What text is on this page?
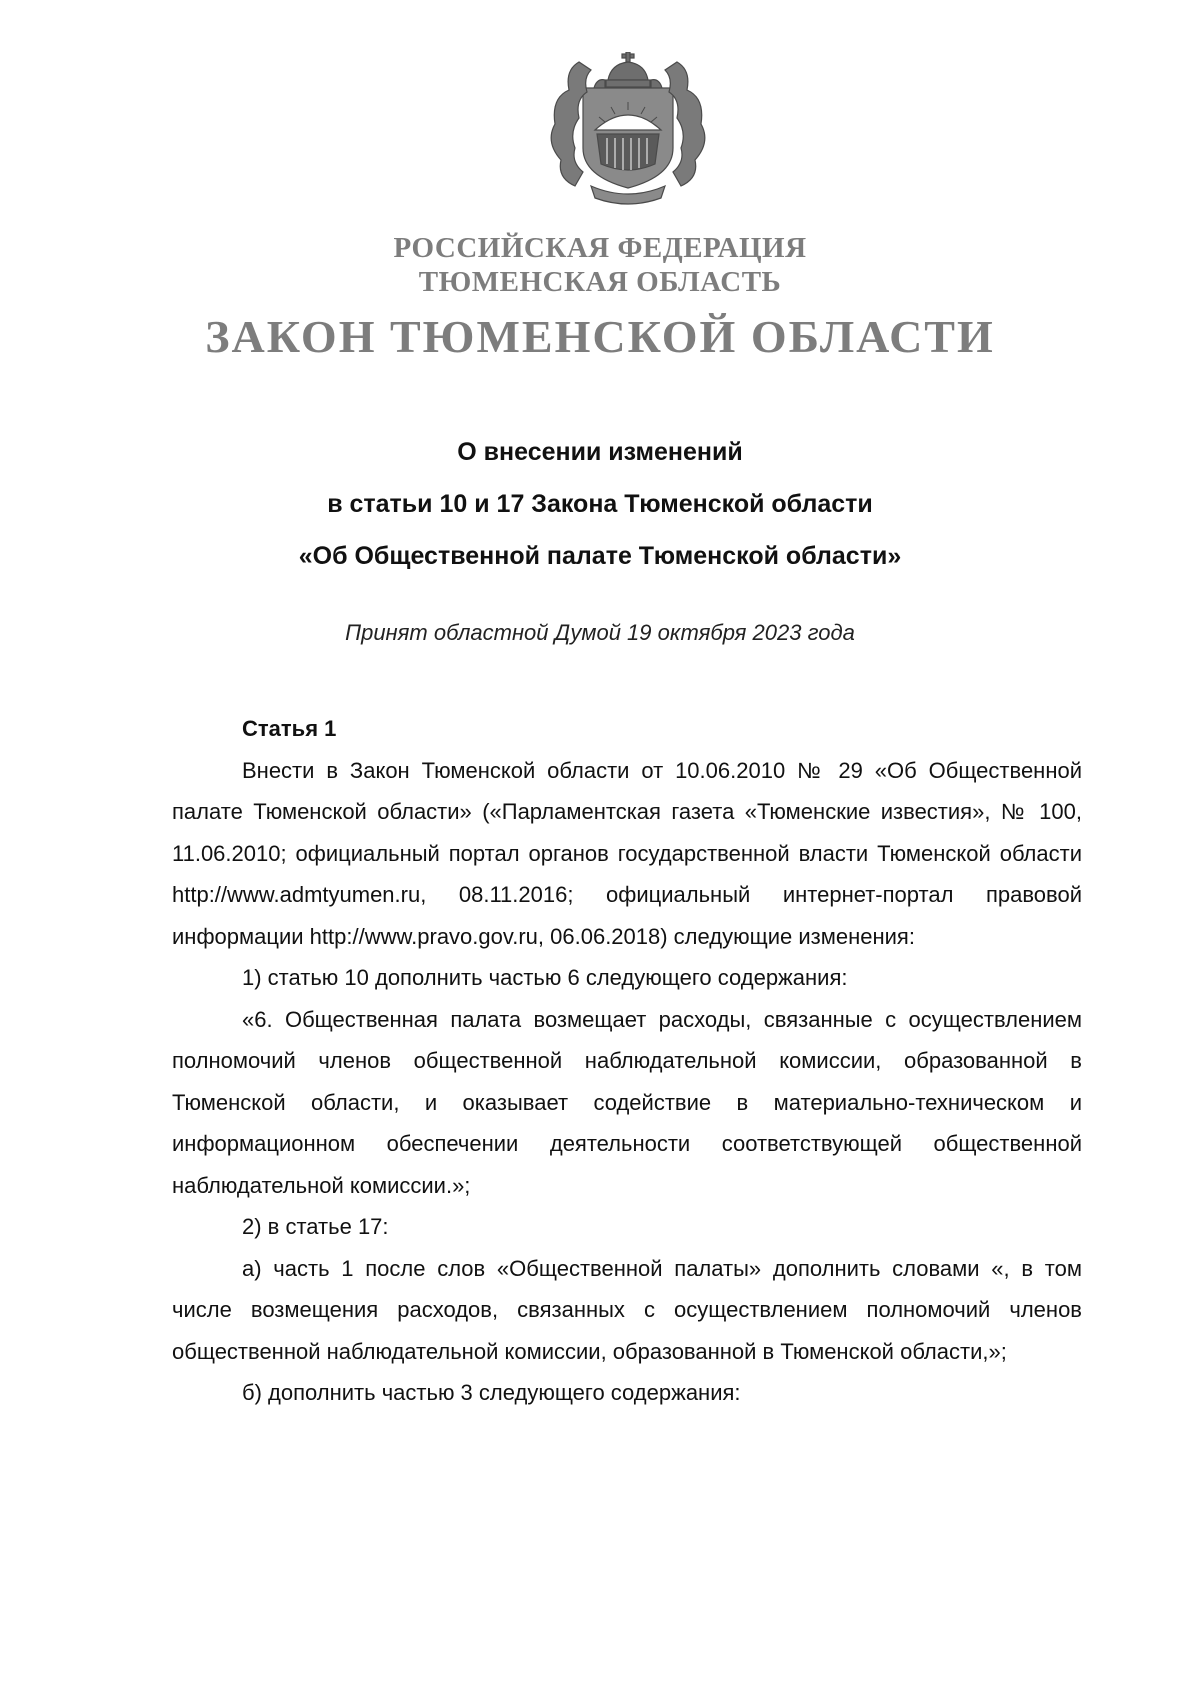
РОССИЙСКАЯ ФЕДЕРАЦИЯ
ТЮМЕНСКАЯ ОБЛАСТЬ
ЗАКОН ТЮМЕНСКОЙ ОБЛАСТИ
О внесении изменений
в статьи 10 и 17 Закона Тюменской области
«Об Общественной палате Тюменской области»
Принят областной Думой 19 октября 2023 года

Статья 1

Внести в Закон Тюменской области от 10.06.2010 № 29 «Об Общественной палате Тюменской области» («Парламентская газета «Тюменские известия», № 100, 11.06.2010; официальный портал органов государственной власти Тюменской области http://www.admtyumen.ru, 08.11.2016; официальный интернет-портал правовой информации http://www.pravo.gov.ru, 06.06.2018) следующие изменения:

1) статью 10 дополнить частью 6 следующего содержания:

«6. Общественная палата возмещает расходы, связанные с осуществлением полномочий членов общественной наблюдательной комиссии, образованной в Тюменской области, и оказывает содействие в материально-техническом и информационном обеспечении деятельности соответствующей общественной наблюдательной комиссии.»;

2) в статье 17:

а) часть 1 после слов «Общественной палаты» дополнить словами «, в том числе возмещения расходов, связанных с осуществлением полномочий членов общественной наблюдательной комиссии, образованной в Тюменской области,»;

б) дополнить частью 3 следующего содержания:
